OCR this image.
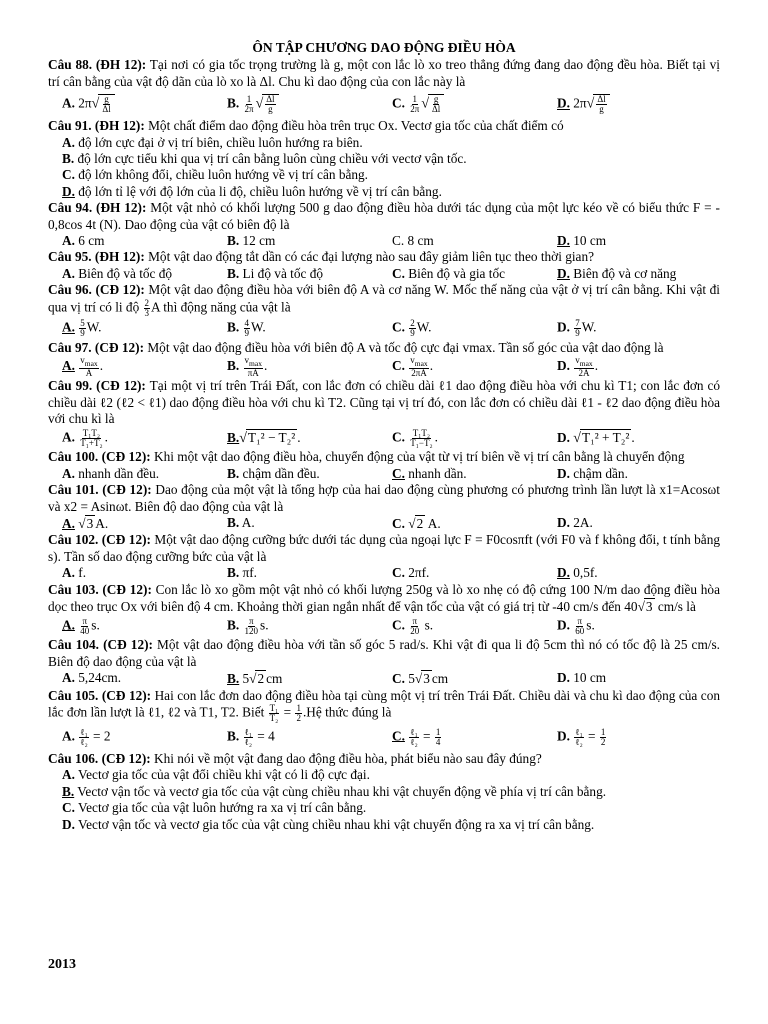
ÔN TẬP CHƯƠNG DAO ĐỘNG ĐIỀU HÒA
Câu 88. (ĐH 12): Tại nơi có gia tốc trọng trường là g, một con lắc lò xo treo thẳng đứng đang dao động đều hòa. Biết tại vị trí cân bằng của vật độ dãn của lò xo là Δl. Chu kì dao động của con lắc này là
A. $2\pi√ \frac{g}{\Delta l}$	B. $\frac{1}{2\pi}$ √ $\frac{\Delta l}{g}$	C. $\frac{1}{2\pi}$ √ $\frac{g}{\Delta l}$	D. $2\pi√ \frac{\Delta l}{g}$
Câu 91. (ĐH 12): Một chất điểm dao động điều hòa trên trục Ox. Vectơ gia tốc của chất điểm có
A. độ lớn cực đại ở vị trí biên, chiều luôn hướng ra biên.
B. độ lớn cực tiểu khi qua vị trí cân bằng luôn cùng chiều với vectơ vận tốc.
C. độ lớn không đổi, chiều luôn hướng về vị trí cân bằng.
D. độ lớn tỉ lệ với độ lớn của li độ, chiều luôn hướng về vị trí cân bằng.
Câu 94. (ĐH 12): Một vật nhỏ có khối lượng 500 g dao động điều hòa dưới tác dụng của một lực kéo về có biểu thức F = - 0,8cos 4t (N). Dao động của vật có biên độ là
A. 6 cm	B. 12 cm	C. 8 cm	D. 10 cm
Câu 95. (ĐH 12): Một vật dao động tắt dần có các đại lượng nào sau đây giảm liên tục theo thời gian?
A. Biên độ và tốc độ	B. Li độ và tốc độ	C. Biên độ và gia tốc	D. Biên độ và cơ năng
Câu 96. (CĐ 12): Một vật dao động điều hòa với biên độ A và cơ năng W. Mốc thế năng của vật ở vị trí cân bằng. Khi vật đi qua vị trí có li độ $\frac{2}{3}$ A thì động năng của vật là
A. $\frac{5}{9} W$.	B. $\frac{4}{9} W$.	C. $\frac{2}{9} W$.	D. $\frac{7}{9} W$.
Câu 97. (CĐ 12): Một vật dao động điều hòa với biên độ A và tốc độ cực đại vmax. Tần số góc của vật dao động là
A. $\frac{v_{max}}{A}$ .	B. $\frac{v_{max}}{\pi A}$ .	C. $\frac{v_{max}}{2\pi A}$ .	D. $\frac{v_{max}}{2A}$ .
Câu 99. (CĐ 12): Tại một vị trí trên Trái Đất, con lắc đơn có chiều dài ℓ1 dao động điều hòa với chu kì T1; con lắc đơn có chiều dài ℓ2 (ℓ2 < ℓ1) dao động điều hòa với chu kì T2. Cũng tại vị trí đó, con lắc đơn có chiều dài ℓ1 - ℓ2 dao động điều hòa với chu kì là
A. $\frac{\text{T₁T₂}}{\text{T₁+T₂}}$ .	B.√T₁² − T₂² .	C. $\frac{\text{T₁T₂}}{\text{T₁−T₂}}$ .	D. √T₁² + T₂² .
Câu 100. (CĐ 12): Khi một vật dao động điều hòa, chuyển động của vật từ vị trí biên về vị trí cân bằng là chuyển động
A. nhanh dần đều.	B. chậm dần đều.	C. nhanh dần.	D. chậm dần.
Câu 101. (CĐ 12): Dao động của một vật là tổng hợp của hai dao động cùng phương có phương trình lần lượt là x1=Acosωt và x2 = Asinωt. Biên độ dao động của vật là
A. √3 A.	B. A.	C. √2 A.	D. 2A.
Câu 102. (CĐ 12): Một vật dao động cưỡng bức dưới tác dụng của ngoại lực F = F0cosπft (với F0 và f không đổi, t tính bằng s). Tần số dao động cưỡng bức của vật là
A. f.	B. πf.	C. 2πf.	D. 0,5f.
Câu 103. (CĐ 12): Con lắc lò xo gồm một vật nhỏ có khối lượng 250g và lò xo nhẹ có độ cứng 100 N/m dao động điều hòa dọc theo trục Ox với biên độ 4 cm. Khoảng thời gian ngắn nhất để vận tốc của vật có giá trị từ -40 cm/s đến 40√3 cm/s là
A. $\frac{\pi}{40} s$.	B. $\frac{\pi}{120} s$.	C. $\frac{\pi}{20} s$.	D. $\frac{\pi}{60} s$.
Câu 104. (CĐ 12): Một vật dao động điều hòa với tần số góc 5 rad/s. Khi vật đi qua li độ 5cm thì nó có tốc độ là 25 cm/s. Biên độ dao động của vật là
A. 5,24cm.	B. 5√2 cm	C. 5√3 cm	D. 10 cm
Câu 105. (CĐ 12): Hai con lắc đơn dao động điều hòa tại cùng một vị trí trên Trái Đất. Chiều dài và chu kì dao động của con lắc đơn lần lượt là ℓ1, ℓ2 và T1, T2. Biết $\frac{\text{T₁}}{\text{T₂}} = \frac{1}{2}$ .Hệ thức đúng là
A. $\frac{\text{ℓ₁}}{\text{ℓ₂}} = 2$	B. $\frac{\text{ℓ₁}}{\text{ℓ₂}} = 4$	C. $\frac{\text{ℓ₁}}{\text{ℓ₂}} = \frac{1}{4}$	D. $\frac{\text{ℓ₁}}{\text{ℓ₂}} = \frac{1}{2}$
Câu 106. (CĐ 12): Khi nói về một vật đang dao động điều hòa, phát biểu nào sau đây đúng?
A. Vectơ gia tốc của vật đổi chiều khi vật có li độ cực đại.
B. Vectơ vận tốc và vectơ gia tốc của vật cùng chiều nhau khi vật chuyển động về phía vị trí cân bằng.
C. Vectơ gia tốc của vật luôn hướng ra xa vị trí cân bằng.
D. Vectơ vận tốc và vectơ gia tốc của vật cùng chiều nhau khi vật chuyển động ra xa vị trí cân bằng.
2013
